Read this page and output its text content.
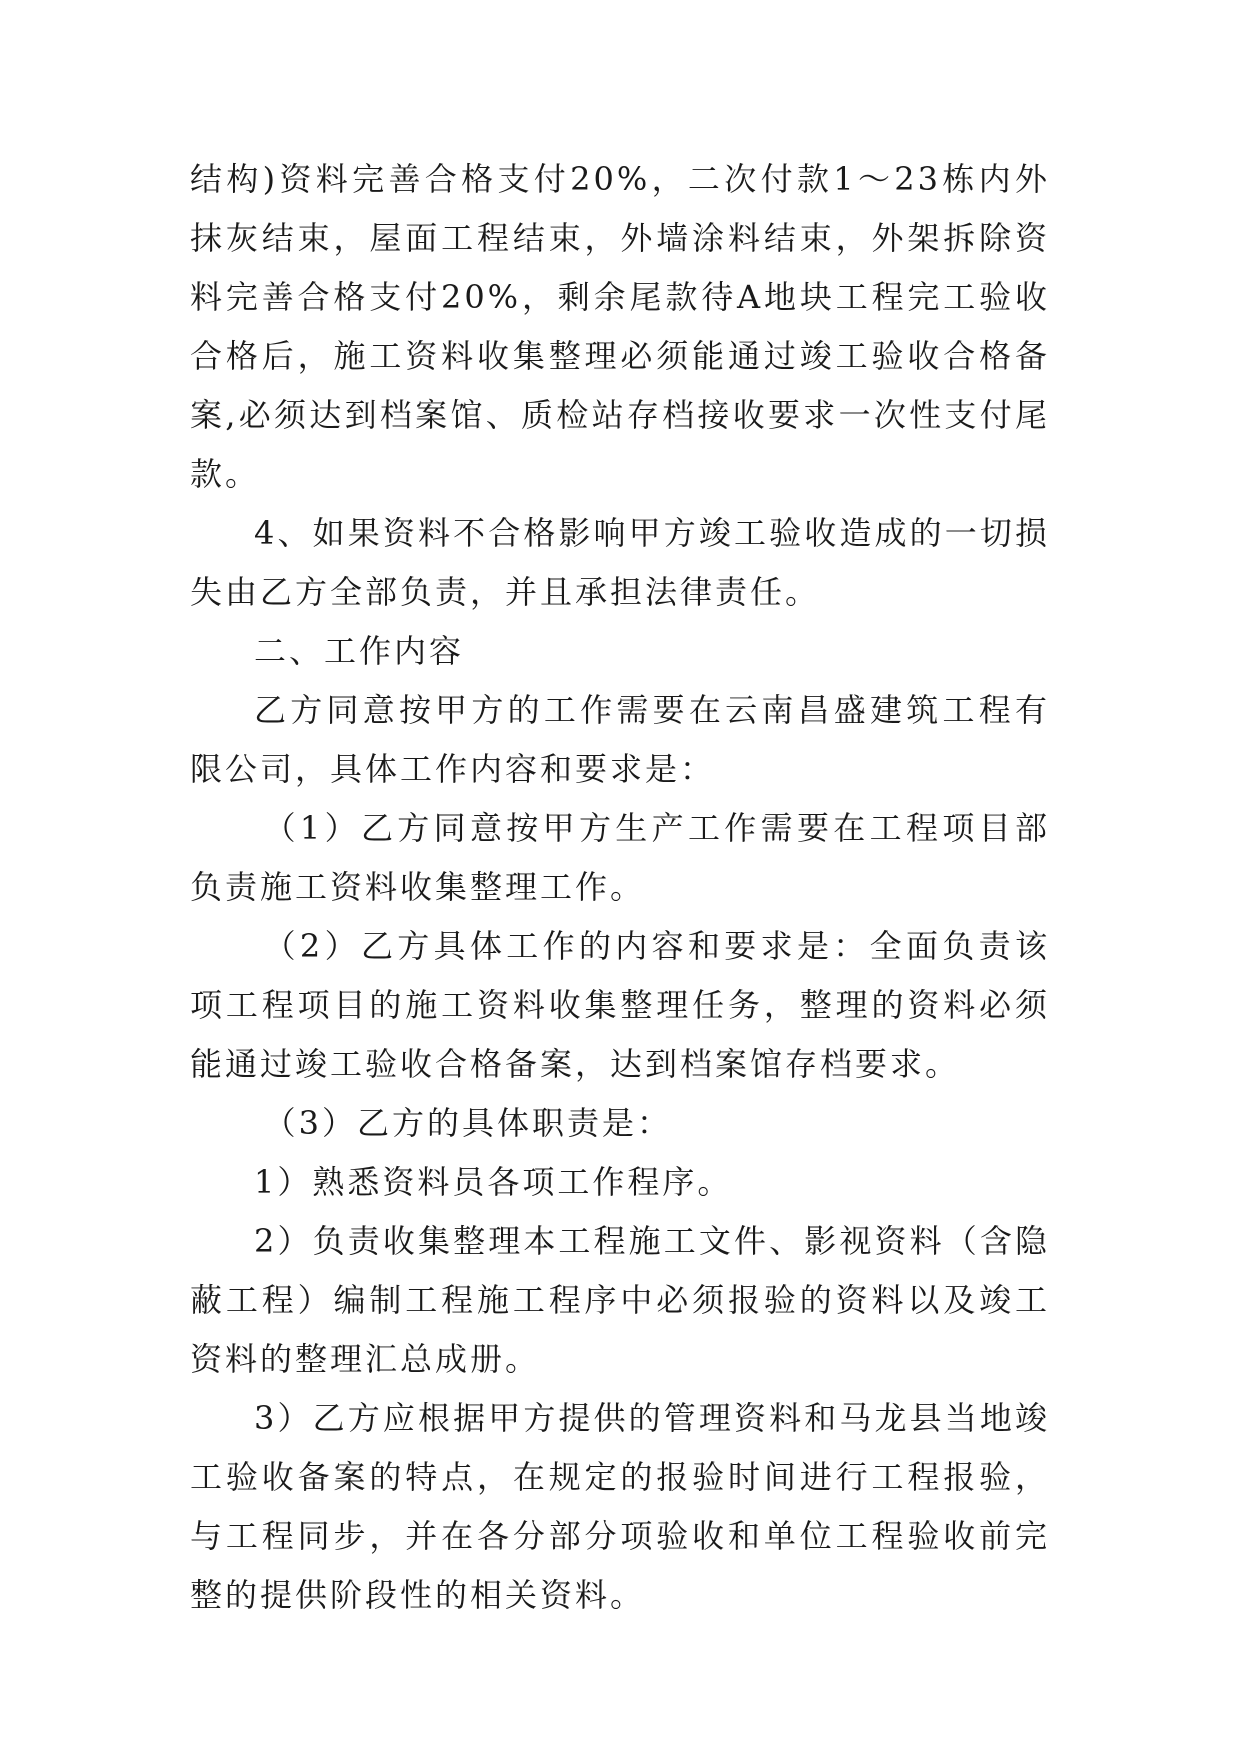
结构)资料完善合格支付20%，二次付款1～23栋内外抹灰结束，屋面工程结束，外墙涂料结束，外架拆除资料完善合格支付20%，剩余尾款待A地块工程完工验收合格后，施工资料收集整理必须能通过竣工验收合格备案,必须达到档案馆、质检站存档接收要求一次性支付尾款。

4、如果资料不合格影响甲方竣工验收造成的一切损失由乙方全部负责，并且承担法律责任。

二、工作内容

乙方同意按甲方的工作需要在云南昌盛建筑工程有限公司，具体工作内容和要求是：

（1）乙方同意按甲方生产工作需要在工程项目部负责施工资料收集整理工作。

（2）乙方具体工作的内容和要求是：全面负责该项工程项目的施工资料收集整理任务，整理的资料必须能通过竣工验收合格备案，达到档案馆存档要求。

（3）乙方的具体职责是：

1）熟悉资料员各项工作程序。

2）负责收集整理本工程施工文件、影视资料（含隐蔽工程）编制工程施工程序中必须报验的资料以及竣工资料的整理汇总成册。

3）乙方应根据甲方提供的管理资料和马龙县当地竣工验收备案的特点，在规定的报验时间进行工程报验，与工程同步，并在各分部分项验收和单位工程验收前完整的提供阶段性的相关资料。
